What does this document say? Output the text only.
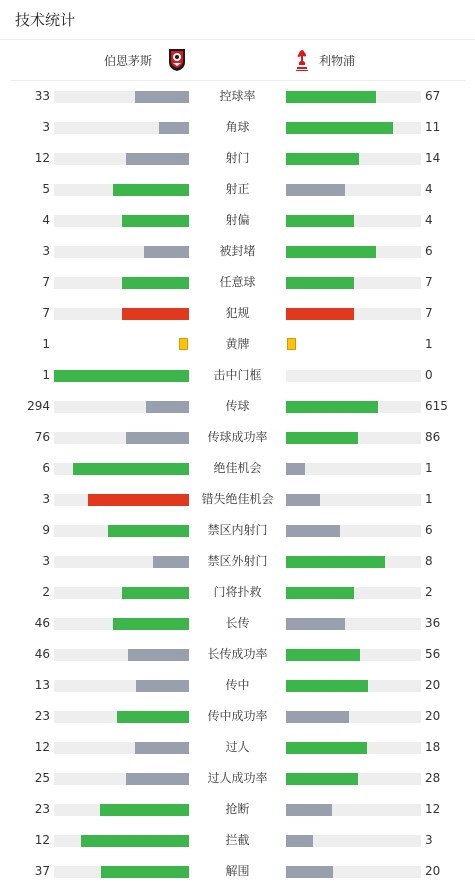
技术统计
伯恩茅斯	利物浦
33	控球率	67
3	角球	11
12	射门	14
5	射正	4
4	射偏	4
3	被封堵	6
7	任意球	7
7	犯规	7
1	黄牌	1
1	击中门框	0
294	传球	615
76	传球成功率	86
6	绝佳机会	1
3	错失绝佳机会	1
9	禁区内射门	6
3	禁区外射门	8
2	门将扑救	2
46	长传	36
46	长传成功率	56
13	传中	20
23	传中成功率	20
12	过人	18
25	过人成功率	28
23	抢断	12
12	拦截	3
37	解围	20
